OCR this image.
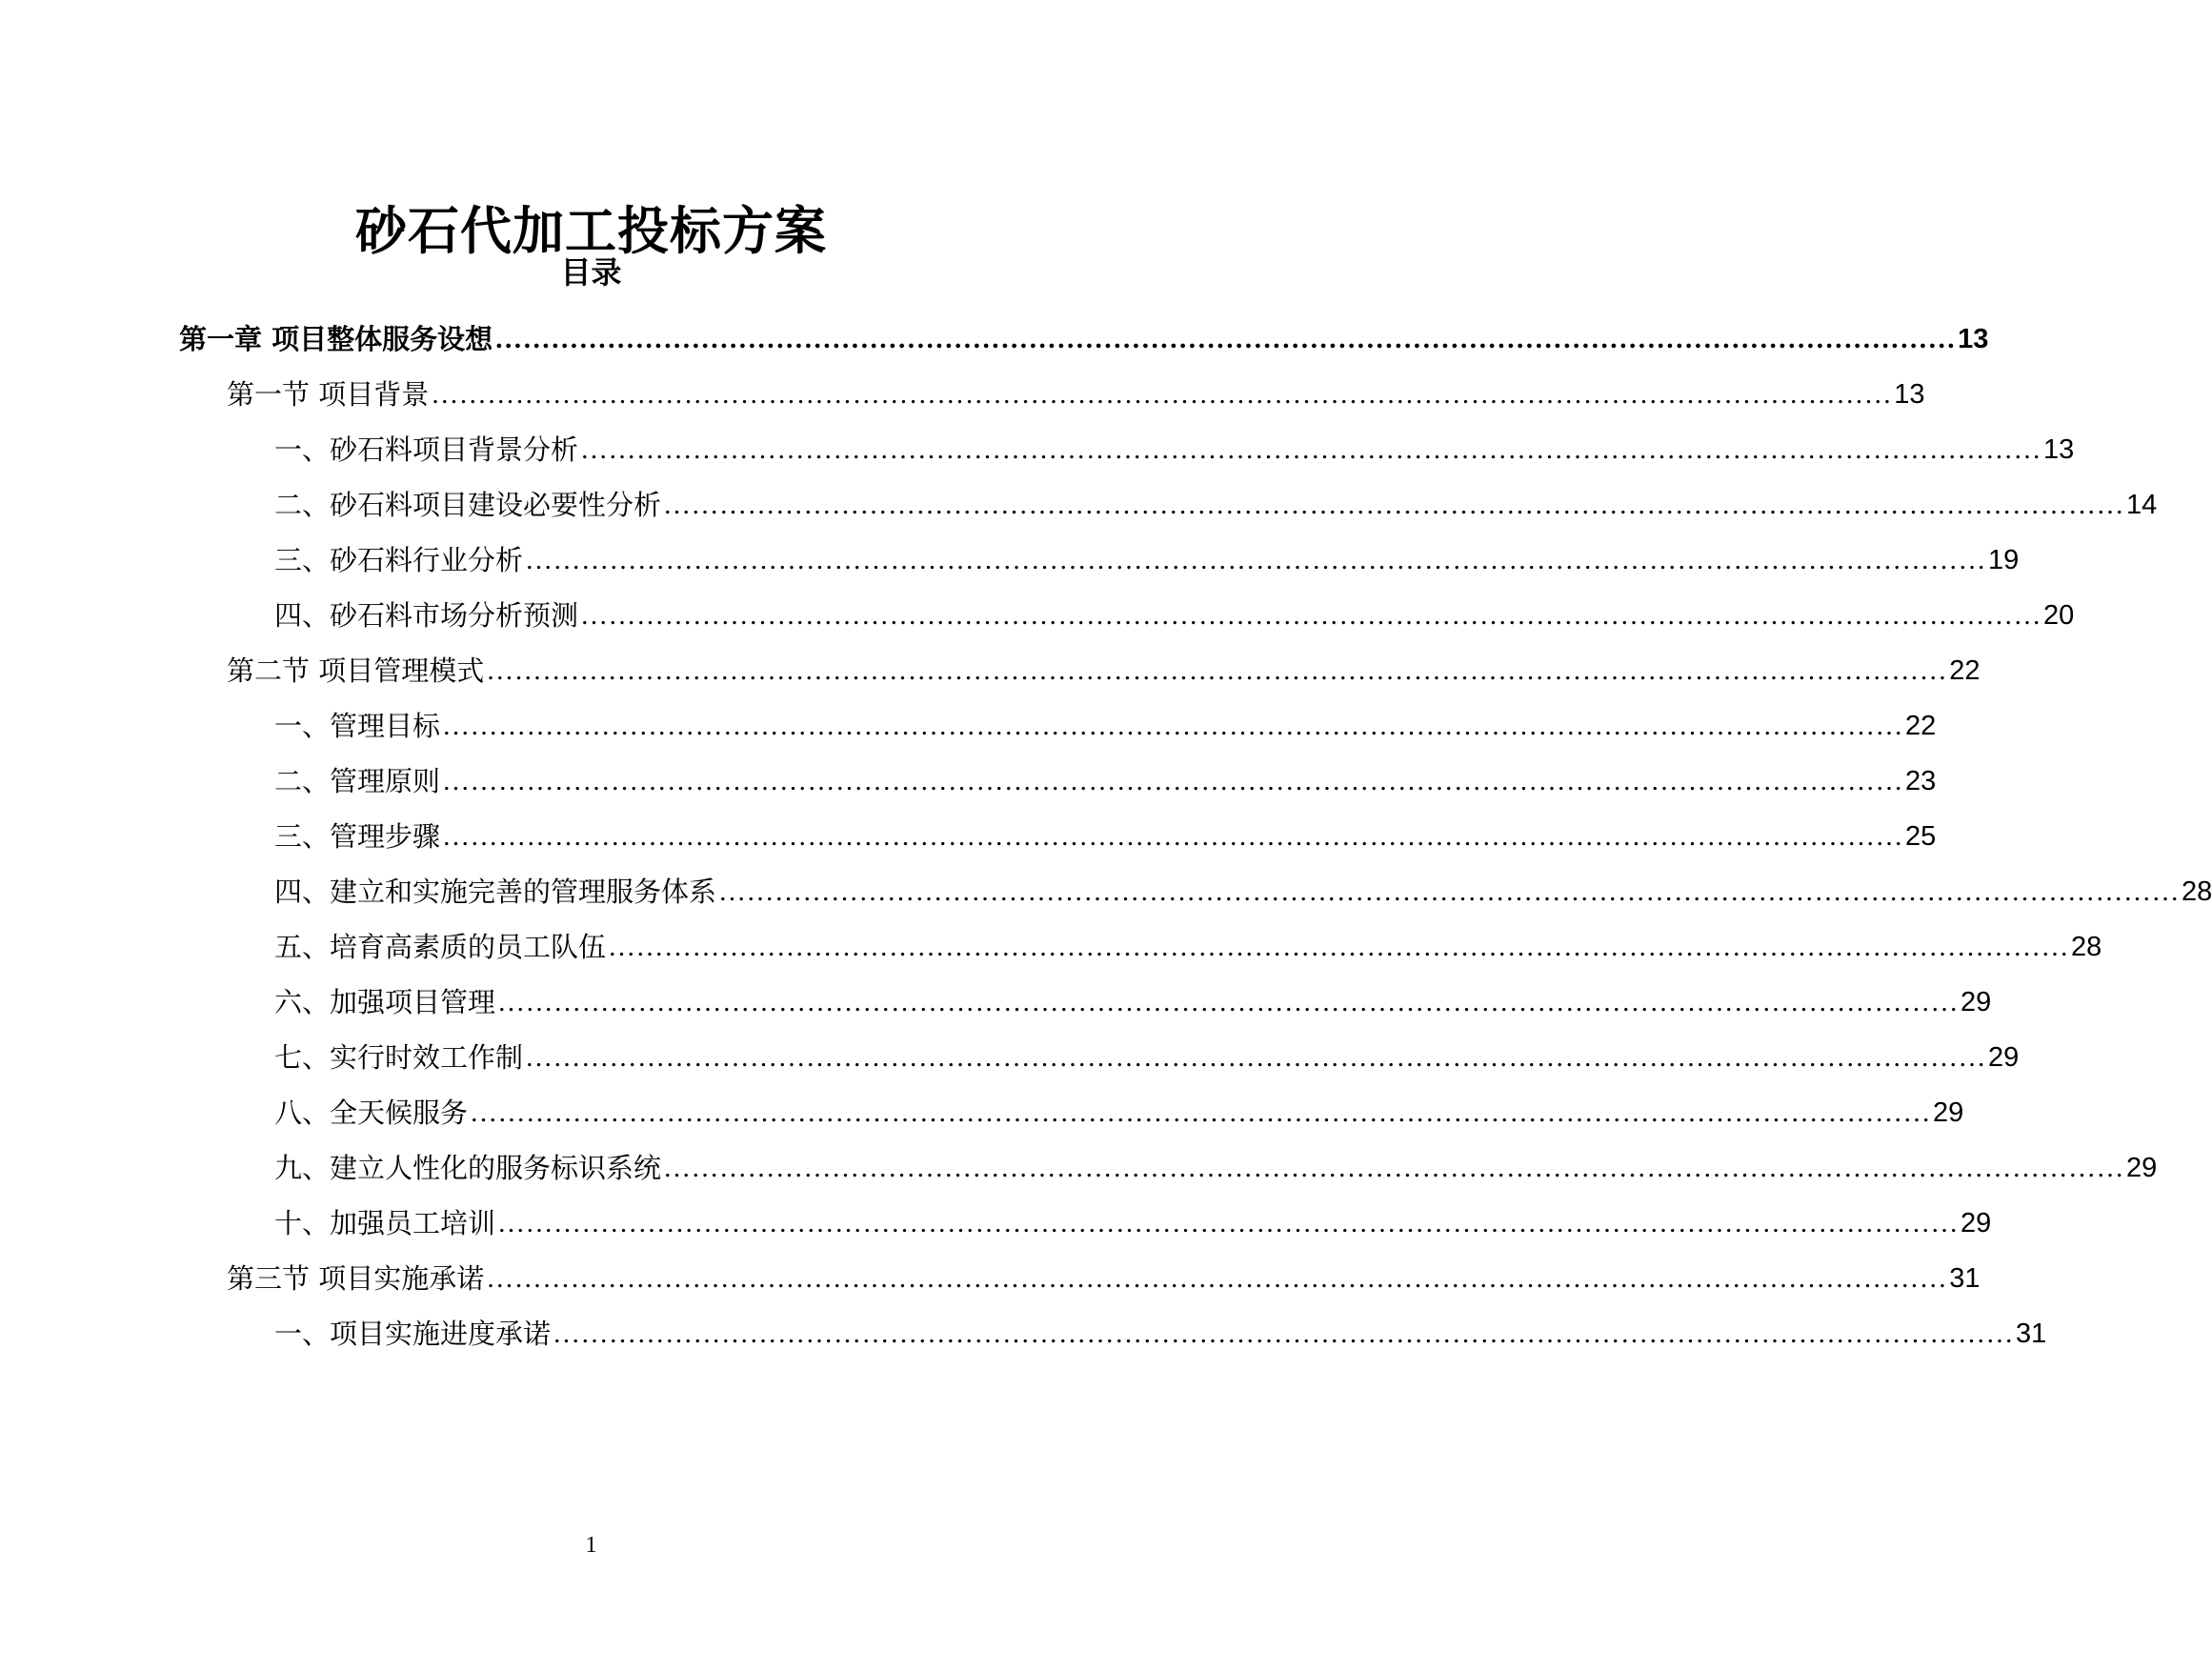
砂石代加工投标方案
目录
第一章 项目整体服务设想 ………………………………………………………………………………………………………………………………………… 13
第一节 项目背景 ………………………………………………………………………………………………………………………………………… 13
一、砂石料项目背景分析 ………………………………………………………………………………………………………………………………………… 13
二、砂石料项目建设必要性分析 ………………………………………………………………………………………………………………………………………… 14
三、砂石料行业分析 ………………………………………………………………………………………………………………………………………… 19
四、砂石料市场分析预测 ………………………………………………………………………………………………………………………………………… 20
第二节 项目管理模式 ………………………………………………………………………………………………………………………………………… 22
一、管理目标 ………………………………………………………………………………………………………………………………………… 22
二、管理原则 ………………………………………………………………………………………………………………………………………… 23
三、管理步骤 ………………………………………………………………………………………………………………………………………… 25
四、建立和实施完善的管理服务体系 ………………………………………………………………………………………………………………………………………… 28
五、培育高素质的员工队伍 ………………………………………………………………………………………………………………………………………… 28
六、加强项目管理 ………………………………………………………………………………………………………………………………………… 29
七、实行时效工作制 ………………………………………………………………………………………………………………………………………… 29
八、全天候服务 ………………………………………………………………………………………………………………………………………… 29
九、建立人性化的服务标识系统 ………………………………………………………………………………………………………………………………………… 29
十、加强员工培训 ………………………………………………………………………………………………………………………………………… 29
第三节 项目实施承诺 ………………………………………………………………………………………………………………………………………… 31
一、项目实施进度承诺 ………………………………………………………………………………………………………………………………………… 31
1
